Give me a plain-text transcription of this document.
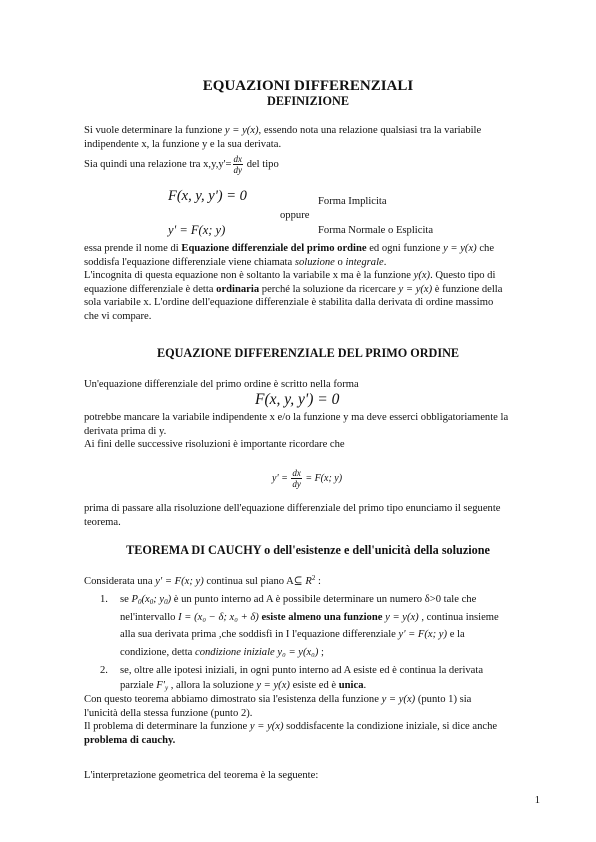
EQUAZIONI DIFFERENZIALI
DEFINIZIONE

Si vuole determinare la funzione y = y(x), essendo nota una relazione qualsiasi tra la variabile
indipendente x, la funzione y e la sua derivata.

Sia quindi una relazione tra $x,y,y'= \frac{dx}{dy}$ del tipo

F(x, y, y') = 0	Forma Implicita
oppure
y' = F(x; y)	Forma Normale o Esplicita

essa prende il nome di Equazione differenziale del primo ordine ed ogni funzione y = y(x) che
soddisfa l'equazione differenziale viene chiamata soluzione o integrale.
L'incognita di questa equazione non è soltanto la variabile x ma è la funzione y(x). Questo tipo di
equazione differenziale è detta ordinaria perché la soluzione da ricercare y = y(x) è funzione della
sola variabile x. L'ordine dell'equazione differenziale è stabilita dalla derivata di ordine massimo
che vi compare.

EQUAZIONE DIFFERENZIALE DEL PRIMO ORDINE

Un'equazione differenziale del primo ordine è scritto nella forma

F(x, y, y') = 0

potrebbe mancare la variabile indipendente x e/o la funzione y ma deve esserci obbligatoriamente la
derivata prima di y.
Ai fini delle successive risoluzioni è importante ricordare che

$y' = \frac{dx}{dy} = F(x$; y)

prima di passare alla risoluzione dell'equazione differenziale del primo tipo enunciamo il seguente
teorema.

TEOREMA DI CAUCHY o dell'esistenze e dell'unicità della soluzione

Considerata una y' = F(x; y) continua sul piano A⊆ $R^2$ :

1. se $P_0(x_0$; $y_0$) è un punto interno ad A è possibile determinare un numero δ>0 tale che
nel'intervallo I = (x₀ − δ; x₀ + δ) esiste almeno una funzione y = y(x) , continua insieme
alla sua derivata prima ,che soddisfi in I l'equazione differenziale y' = F(x; y) e la
condizione, detta condizione iniziale y₀ = y(x₀) ;
2. se, oltre alle ipotesi iniziali, in ogni punto interno ad A esiste ed è continua la derivata
parziale $F'_y$ , allora la soluzione y = y(x) esiste ed è unica.

Con questo teorema abbiamo dimostrato sia l'esistenza della funzione y = y(x) (punto 1) sia
l'unicità della stessa funzione (punto 2).
Il problema di determinare la funzione y = y(x) soddisfacente la condizione iniziale, si dice anche
problema di cauchy.

L'interpretazione geometrica del teorema è la seguente:

1
